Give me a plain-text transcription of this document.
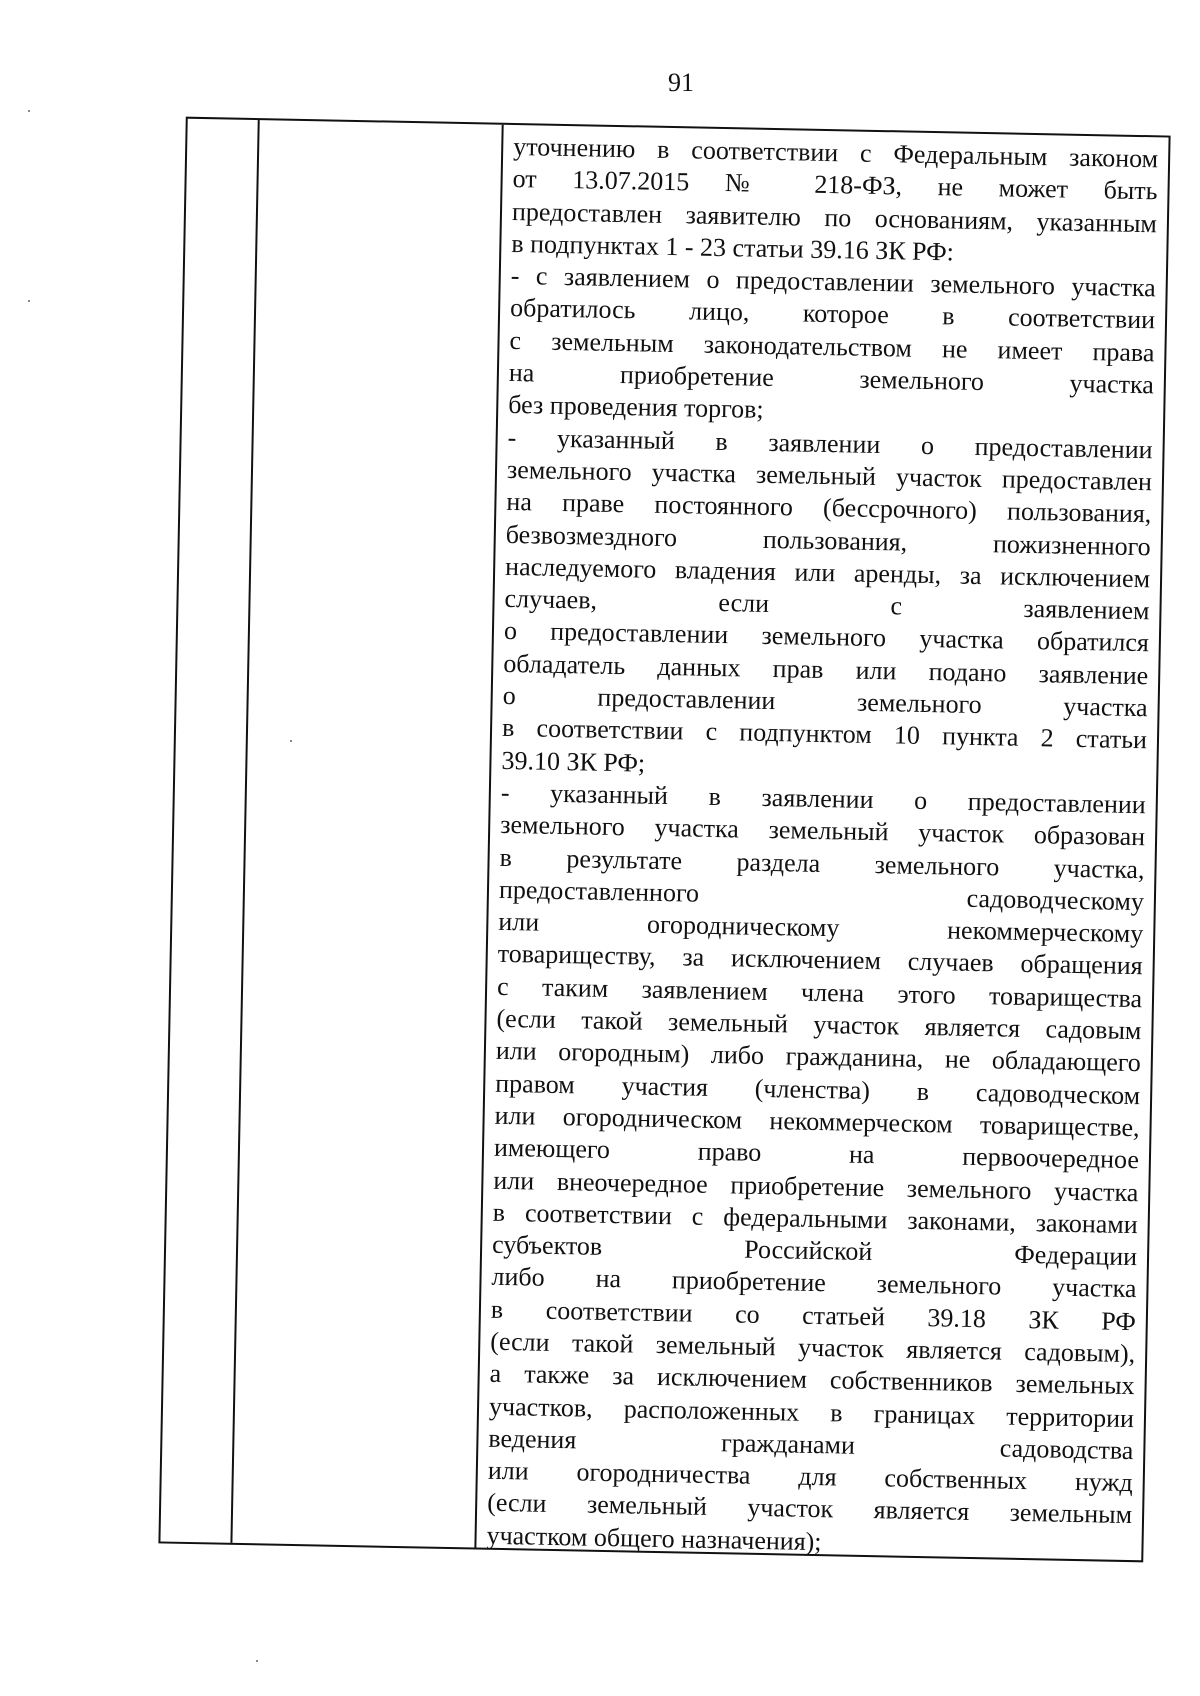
91
уточнению в соответствии с Федеральным законом
от 13.07.2015 № 218-ФЗ, не может быть
предоставлен заявителю по основаниям, указанным
в подпунктах 1 - 23 статьи 39.16 ЗК РФ:
- с заявлением о предоставлении земельного участка
обратилось лицо, которое в соответствии
с земельным законодательством не имеет права
на приобретение земельного участка
без проведения торгов;
- указанный в заявлении о предоставлении
земельного участка земельный участок предоставлен
на праве постоянного (бессрочного) пользования,
безвозмездного пользования, пожизненного
наследуемого владения или аренды, за исключением
случаев, если с заявлением
о предоставлении земельного участка обратился
обладатель данных прав или подано заявление
о предоставлении земельного участка
в соответствии с подпунктом 10 пункта 2 статьи
39.10 ЗК РФ;
- указанный в заявлении о предоставлении
земельного участка земельный участок образован
в результате раздела земельного участка,
предоставленного садоводческому
или огородническому некоммерческому
товариществу, за исключением случаев обращения
с таким заявлением члена этого товарищества
(если такой земельный участок является садовым
или огородным) либо гражданина, не обладающего
правом участия (членства) в садоводческом
или огородническом некоммерческом товариществе,
имеющего право на первоочередное
или внеочередное приобретение земельного участка
в соответствии с федеральными законами, законами
субъектов Российской Федерации
либо на приобретение земельного участка
в соответствии со статьей 39.18 ЗК РФ
(если такой земельный участок является садовым),
а также за исключением собственников земельных
участков, расположенных в границах территории
ведения гражданами садоводства
или огородничества для собственных нужд
(если земельный участок является земельным
участком общего назначения);
